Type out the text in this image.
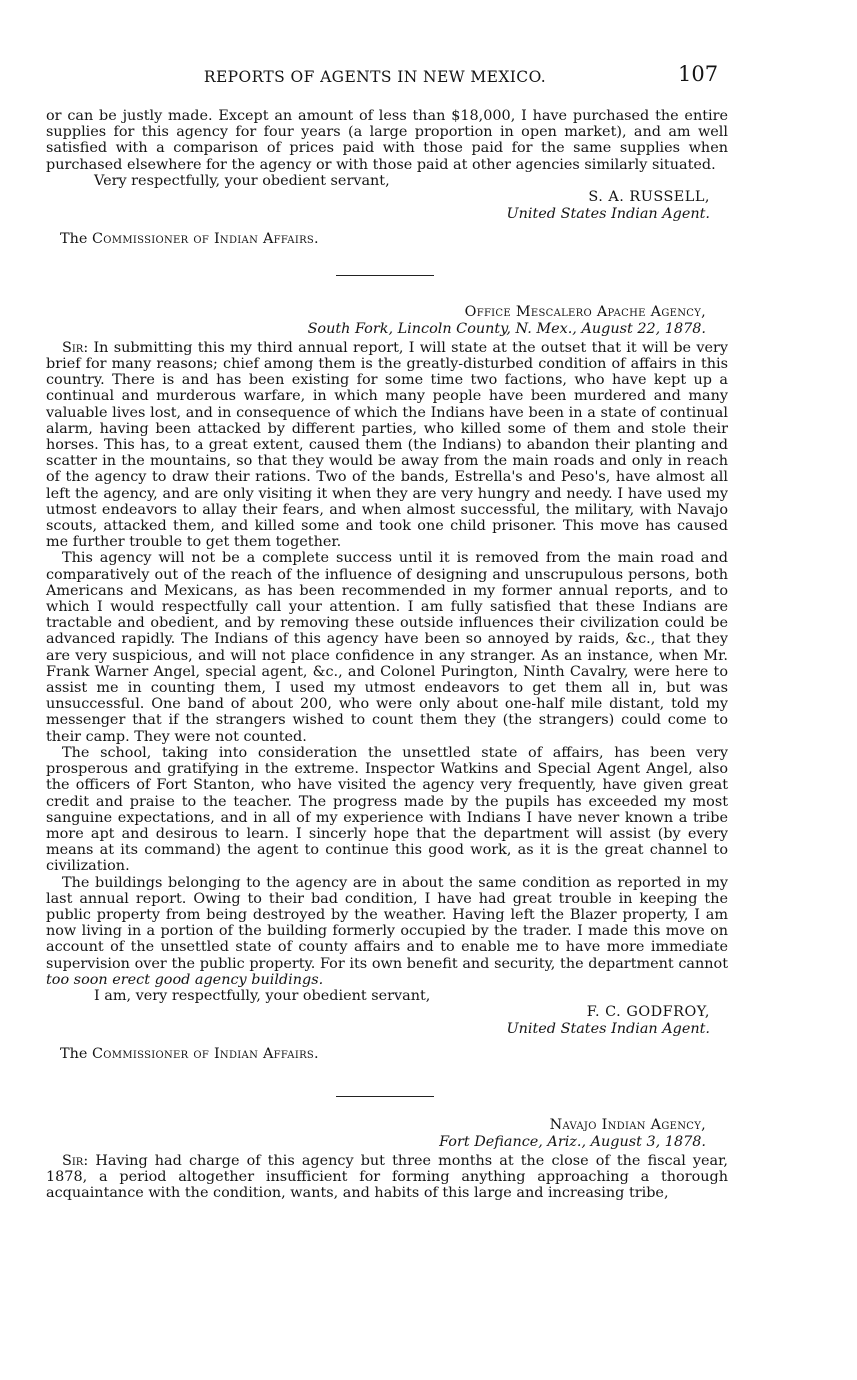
REPORTS OF AGENTS IN NEW MEXICO.	107

or can be justly made. Except an amount of less than $18,000, I have purchased the entire supplies for this agency for four years (a large proportion in open market), and am well satisfied with a comparison of prices paid with those paid for the same supplies when purchased elsewhere for the agency or with those paid at other agencies similarly situated.

Very respectfully, your obedient servant,

S. A. RUSSELL,
United States Indian Agent.

The Commissioner of Indian Affairs.

Office Mescalero Apache Agency,
South Fork, Lincoln County, N. Mex., August 22, 1878.

Sir: In submitting this my third annual report, I will state at the outset that it will be very brief for many reasons; chief among them is the greatly-disturbed condition of affairs in this country. There is and has been existing for some time two factions, who have kept up a continual and murderous warfare, in which many people have been murdered and many valuable lives lost, and in consequence of which the Indians have been in a state of continual alarm, having been attacked by different parties, who killed some of them and stole their horses. This has, to a great extent, caused them (the Indians) to abandon their planting and scatter in the mountains, so that they would be away from the main roads and only in reach of the agency to draw their rations. Two of the bands, Estrella's and Peso's, have almost all left the agency, and are only visiting it when they are very hungry and needy. I have used my utmost endeavors to allay their fears, and when almost successful, the military, with Navajo scouts, attacked them, and killed some and took one child prisoner. This move has caused me further trouble to get them together.

This agency will not be a complete success until it is removed from the main road and comparatively out of the reach of the influence of designing and unscrupulous persons, both Americans and Mexicans, as has been recommended in my former annual reports, and to which I would respectfully call your attention. I am fully satisfied that these Indians are tractable and obedient, and by removing these outside influences their civilization could be advanced rapidly. The Indians of this agency have been so annoyed by raids, &c., that they are very suspicious, and will not place confidence in any stranger. As an instance, when Mr. Frank Warner Angel, special agent, &c., and Colonel Purington, Ninth Cavalry, were here to assist me in counting them, I used my utmost endeavors to get them all in, but was unsuccessful. One band of about 200, who were only about one-half mile distant, told my messenger that if the strangers wished to count them they (the strangers) could come to their camp. They were not counted.

The school, taking into consideration the unsettled state of affairs, has been very prosperous and gratifying in the extreme. Inspector Watkins and Special Agent Angel, also the officers of Fort Stanton, who have visited the agency very frequently, have given great credit and praise to the teacher. The progress made by the pupils has exceeded my most sanguine expectations, and in all of my experience with Indians I have never known a tribe more apt and desirous to learn. I sincerly hope that the department will assist (by every means at its command) the agent to continue this good work, as it is the great channel to civilization.

The buildings belonging to the agency are in about the same condition as reported in my last annual report. Owing to their bad condition, I have had great trouble in keeping the public property from being destroyed by the weather. Having left the Blazer property, I am now living in a portion of the building formerly occupied by the trader. I made this move on account of the unsettled state of county affairs and to enable me to have more immediate supervision over the public property. For its own benefit and security, the department cannot too soon erect good agency buildings.

I am, very respectfully, your obedient servant,

F. C. GODFROY,
United States Indian Agent.

The Commissioner of Indian Affairs.

Navajo Indian Agency,
Fort Defiance, Ariz., August 3, 1878.

Sir: Having had charge of this agency but three months at the close of the fiscal year, 1878, a period altogether insufficient for forming anything approaching a thorough acquaintance with the condition, wants, and habits of this large and increasing tribe,
